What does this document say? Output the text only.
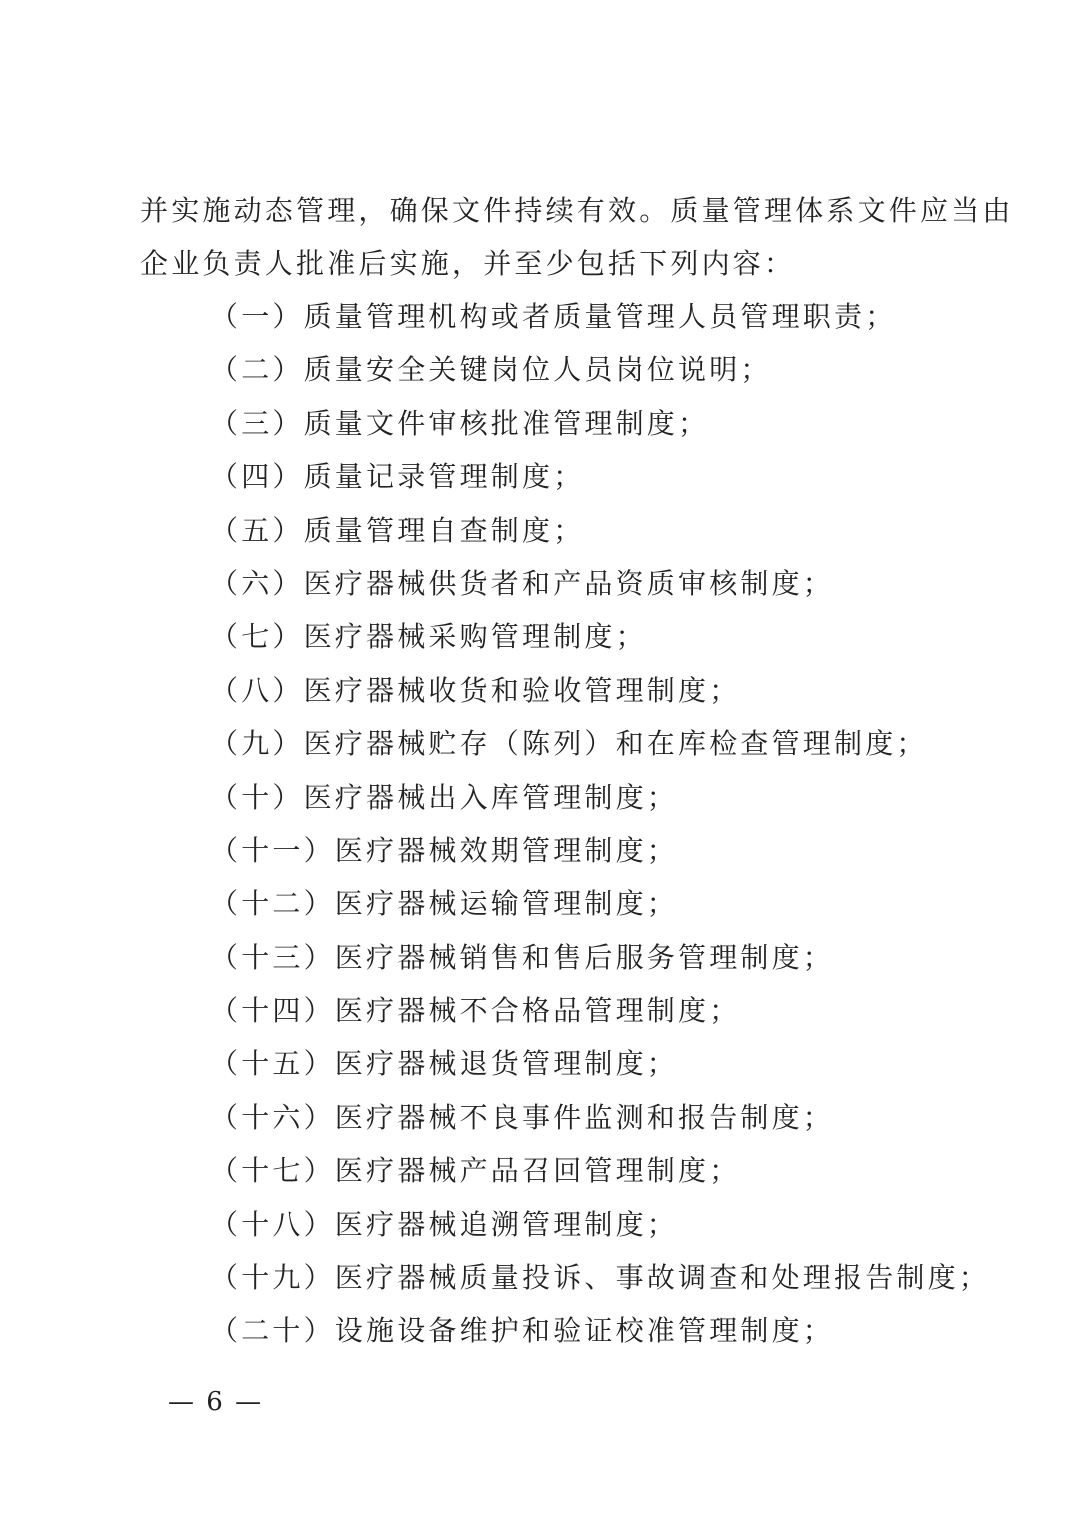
并实施动态管理，确保文件持续有效。质量管理体系文件应当由
企业负责人批准后实施，并至少包括下列内容：
（一）质量管理机构或者质量管理人员管理职责；
（二）质量安全关键岗位人员岗位说明；
（三）质量文件审核批准管理制度；
（四）质量记录管理制度；
（五）质量管理自查制度；
（六）医疗器械供货者和产品资质审核制度；
（七）医疗器械采购管理制度；
（八）医疗器械收货和验收管理制度；
（九）医疗器械贮存（陈列）和在库检查管理制度；
（十）医疗器械出入库管理制度；
（十一）医疗器械效期管理制度；
（十二）医疗器械运输管理制度；
（十三）医疗器械销售和售后服务管理制度；
（十四）医疗器械不合格品管理制度；
（十五）医疗器械退货管理制度；
（十六）医疗器械不良事件监测和报告制度；
（十七）医疗器械产品召回管理制度；
（十八）医疗器械追溯管理制度；
（十九）医疗器械质量投诉、事故调查和处理报告制度；
（二十）设施设备维护和验证校准管理制度；
— 6 —
